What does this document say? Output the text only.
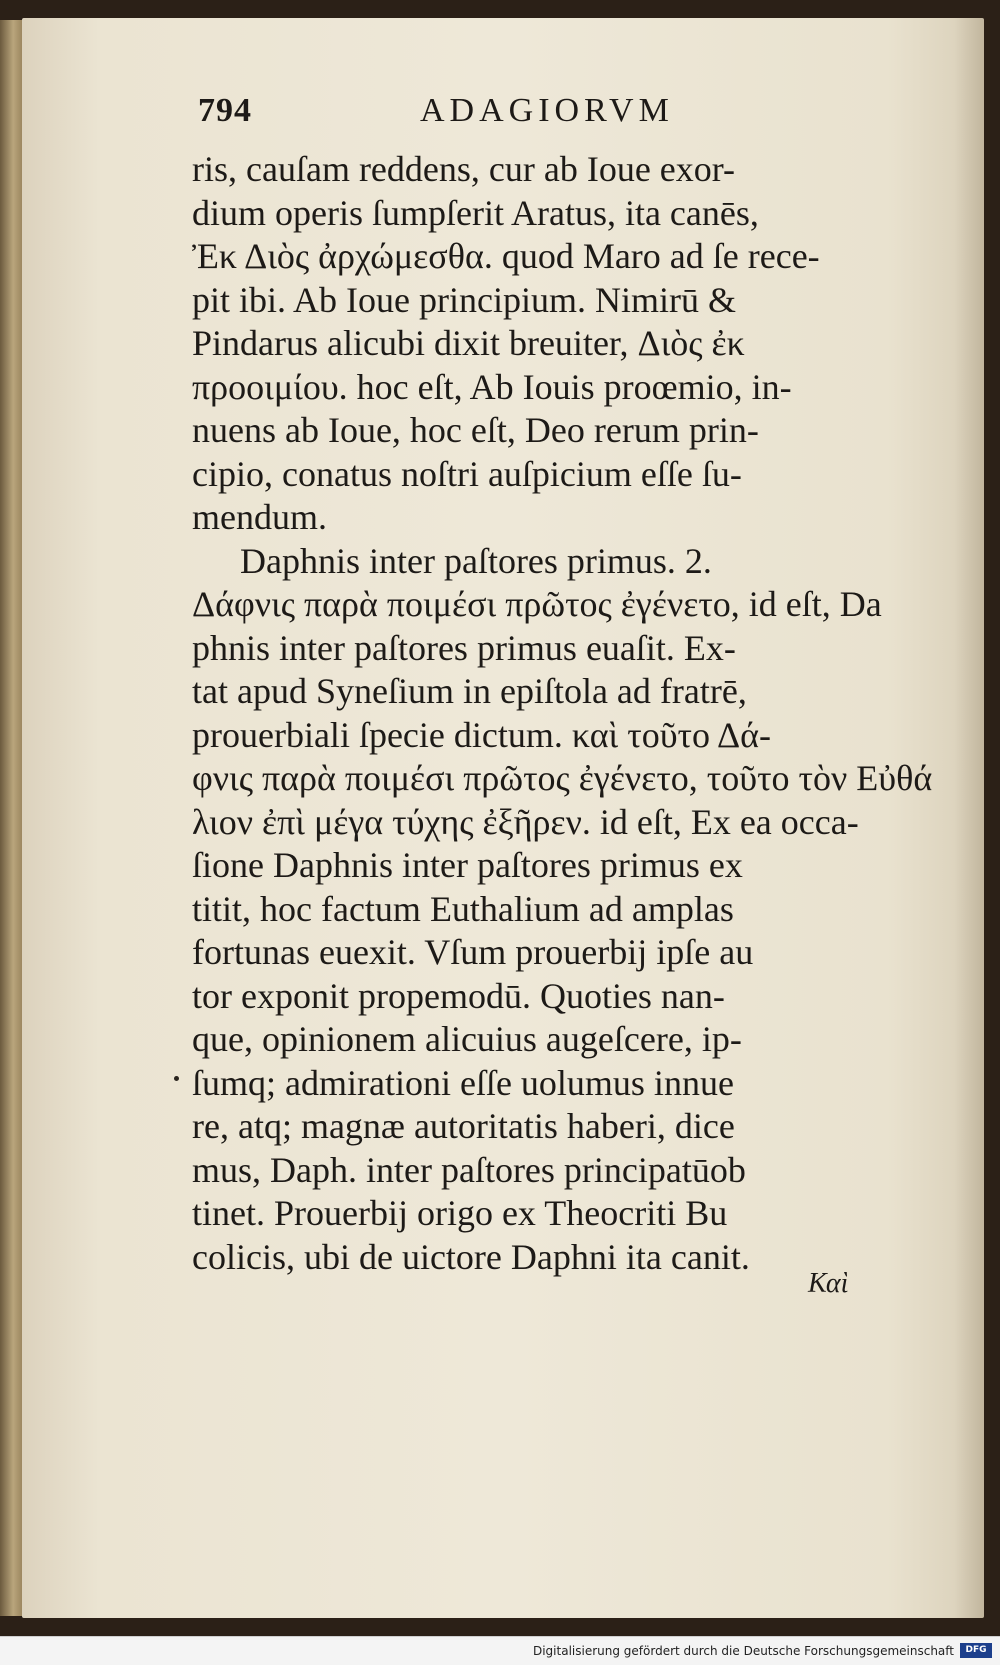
794	ADAGIORVM
ris, cauſam reddens, cur ab Ioue exor-
dium operis ſumpſerit Aratus, ita canēs,
Ἐκ Διὸς ἀρχώμεσθα. quod Maro ad ſe rece-
pit ibi. Ab Ioue principium. Nimirū &
Pindarus alicubi dixit breuiter, Διὸς ἐκ
προοιμίου. hoc eſt, Ab Iouis proœmio, in-
nuens ab Ioue, hoc eſt, Deo rerum prin-
cipio, conatus noſtri auſpicium eſſe ſu-
mendum.
Daphnis inter paſtores primus. 2.
Δάφνις παρὰ ποιμέσι πρῶτος ἐγένετο, id eſt, Da
phnis inter paſtores primus euaſit. Ex-
tat apud Syneſium in epiſtola ad fratrē,
prouerbiali ſpecie dictum. καὶ τοῦτο Δά-
φνις παρὰ ποιμέσι πρῶτος ἐγένετο, τοῦτο τὸν Εὐθά
λιον ἐπὶ μέγα τύχης ἐξῆρεν. id eſt, Ex ea occa-
ſione Daphnis inter paſtores primus ex
titit, hoc factum Euthalium ad amplas
fortunas euexit. Vſum prouerbij ipſe au
tor exponit propemodū. Quoties nan-
que, opinionem alicuius augeſcere, ip-
ſumq; admirationi eſſe uolumus innue
re, atq; magnæ autoritatis haberi, dice
mus, Daph. inter paſtores principatūob
tinet. Prouerbij origo ex Theocriti Bu
colicis, ubi de uictore Daphni ita canit.
Καὶ
Digitalisierung gefördert durch die Deutsche Forschungsgemeinschaft	DFG
